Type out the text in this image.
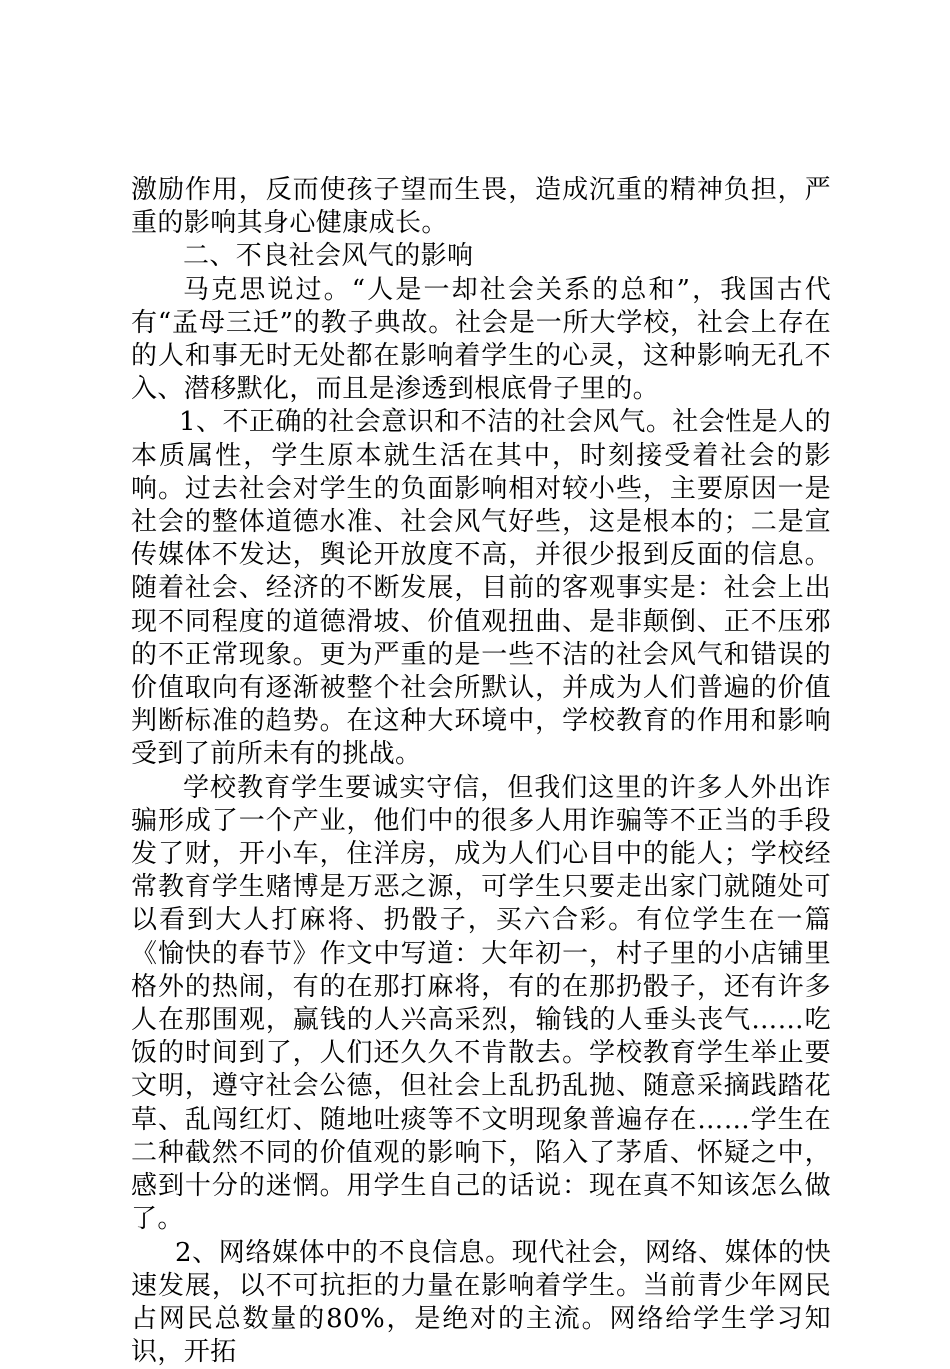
激励作用，反而使孩子望而生畏，造成沉重的精神负担，严重的影响其身心健康成长。

二、不良社会风气的影响

马克思说过。“人是一却社会关系的总和”，我国古代有“孟母三迁”的教子典故。社会是一所大学校，社会上存在的人和事无时无处都在影响着学生的心灵，这种影响无孔不入、潜移默化，而且是渗透到根底骨子里的。

1、不正确的社会意识和不洁的社会风气。社会性是人的本质属性，学生原本就生活在其中，时刻接受着社会的影响。过去社会对学生的负面影响相对较小些，主要原因一是社会的整体道德水准、社会风气好些，这是根本的；二是宣传媒体不发达，舆论开放度不高，并很少报到反面的信息。随着社会、经济的不断发展，目前的客观事实是：社会上出现不同程度的道德滑坡、价值观扭曲、是非颠倒、正不压邪的不正常现象。更为严重的是一些不洁的社会风气和错误的价值取向有逐渐被整个社会所默认，并成为人们普遍的价值判断标准的趋势。在这种大环境中，学校教育的作用和影响受到了前所未有的挑战。

学校教育学生要诚实守信，但我们这里的许多人外出诈骗形成了一个产业，他们中的很多人用诈骗等不正当的手段发了财，开小车，住洋房，成为人们心目中的能人；学校经常教育学生赌博是万恶之源，可学生只要走出家门就随处可以看到大人打麻将、扔骰子，买六合彩。有位学生在一篇《愉快的春节》作文中写道：大年初一，村子里的小店铺里格外的热闹，有的在那打麻将，有的在那扔骰子，还有许多人在那围观，赢钱的人兴高采烈，输钱的人垂头丧气……吃饭的时间到了，人们还久久不肯散去。学校教育学生举止要文明，遵守社会公德，但社会上乱扔乱抛、随意采摘践踏花草、乱闯红灯、随地吐痰等不文明现象普遍存在……学生在二种截然不同的价值观的影响下，陷入了茅盾、怀疑之中，感到十分的迷惘。用学生自己的话说：现在真不知该怎么做了。

2、网络媒体中的不良信息。现代社会，网络、媒体的快速发展，以不可抗拒的力量在影响着学生。当前青少年网民占网民总数量的80%，是绝对的主流。网络给学生学习知识，开拓
